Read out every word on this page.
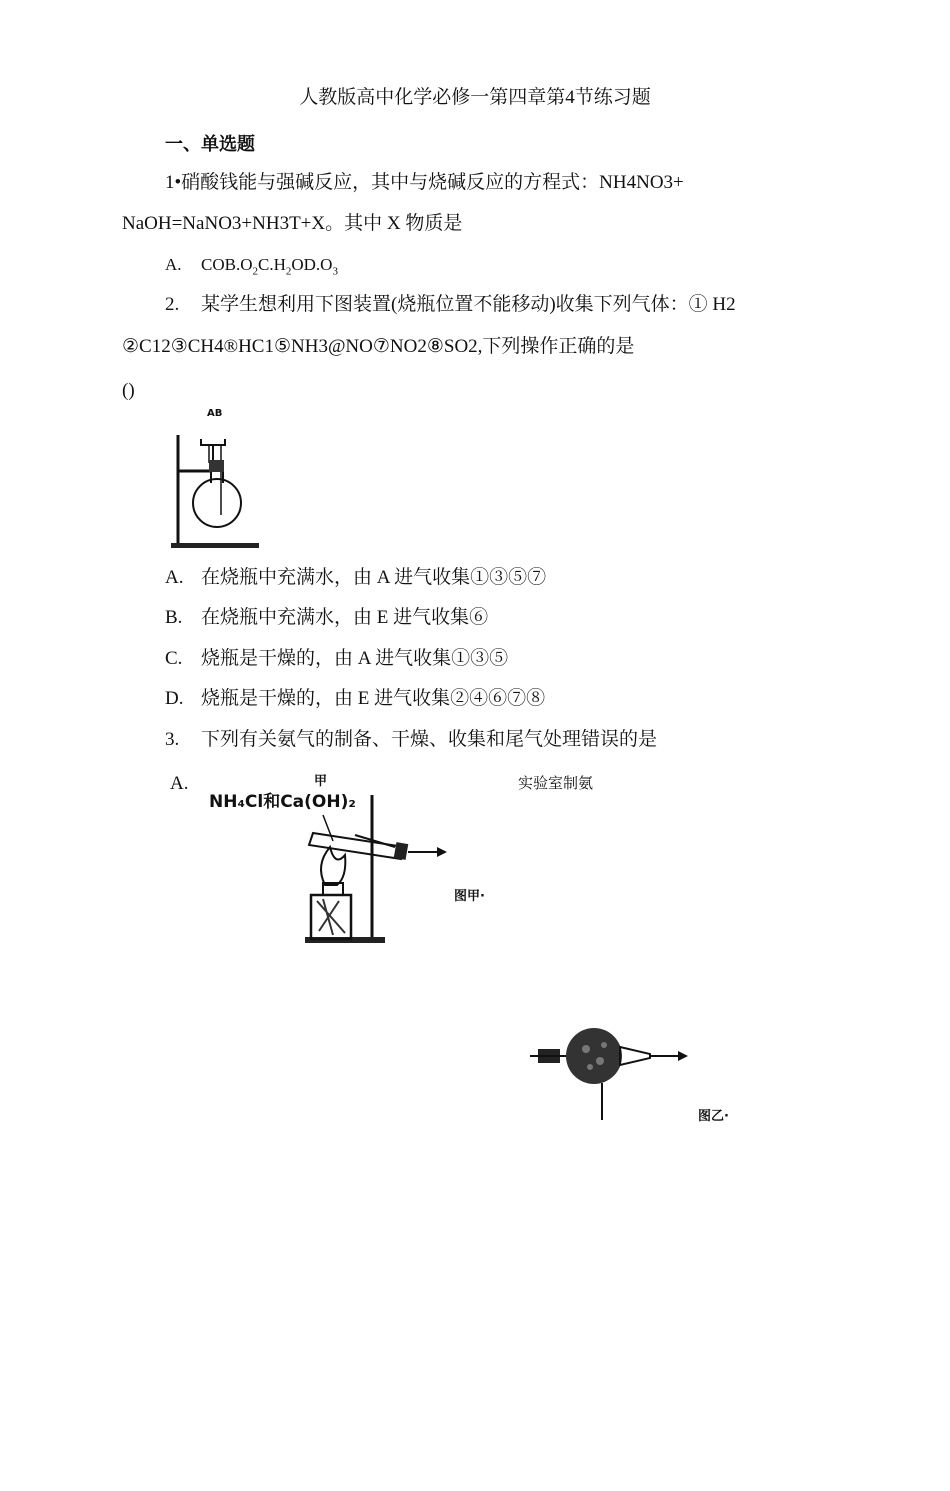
人教版高中化学必修一第四章第4节练习题
一、单选题
1•硝酸钱能与强碱反应，其中与烧碱反应的方程式：NH4NO3+
NaOH=NaNO3+NH3T+X。其中 X 物质是
A. $COB.O_2C.H_2OD.O_3$
2. 某学生想利用下图装置(烧瓶位置不能移动)收集下列气体：① H2
②C12③CH4®HC1⑤NH3@NO⑦NO2⑧SO2,下列操作正确的是
()
AB
A. 在烧瓶中充满水，由 A 进气收集①③⑤⑦
B. 在烧瓶中充满水，由 E 进气收集⑥
C. 烧瓶是干燥的，由 A 进气收集①③⑤
D. 烧瓶是干燥的，由 E 进气收集②④⑥⑦⑧
3. 下列有关氨气的制备、干燥、收集和尾气处理错误的是
A.	甲	实验室制氨
NH₄Cl和Ca(OH)₂
图甲·
图乙·
